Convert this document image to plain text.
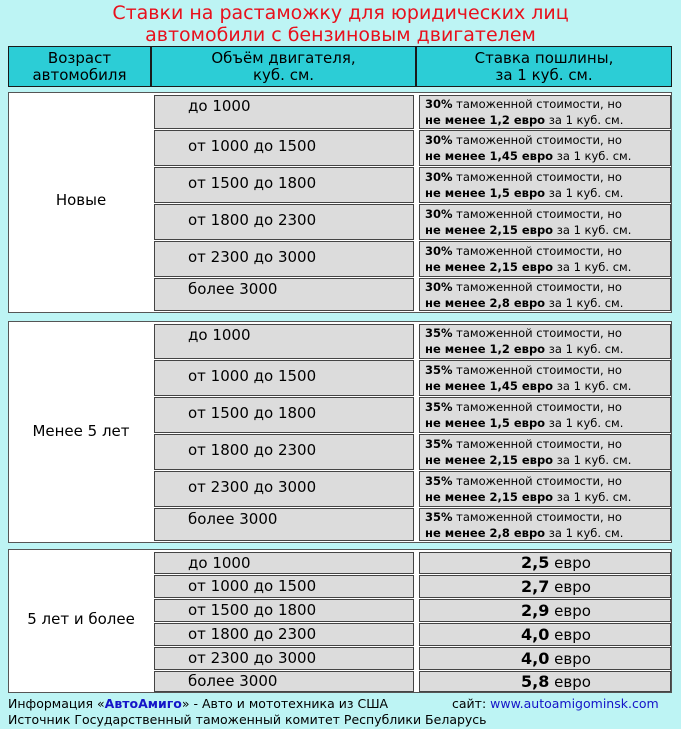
Ставки на растаможку для юридических лиц
автомобили с бензиновым двигателем
Возраст
автомобиля
Объём двигателя,
куб. см.
Ставка пошлины,
за 1 куб. см.
Новые
до 1000	30% таможенной стоимости, но
не менее 1,2 евро за 1 куб. см.
от 1000 до 1500	30% таможенной стоимости, но
не менее 1,45 евро за 1 куб. см.
от 1500 до 1800	30% таможенной стоимости, но
не менее 1,5 евро за 1 куб. см.
от 1800 до 2300	30% таможенной стоимости, но
не менее 2,15 евро за 1 куб. см.
от 2300 до 3000	30% таможенной стоимости, но
не менее 2,15 евро за 1 куб. см.
более 3000	30% таможенной стоимости, но
не менее 2,8 евро за 1 куб. см.
Менее 5 лет
до 1000	35% таможенной стоимости, но
не менее 1,2 евро за 1 куб. см.
от 1000 до 1500	35% таможенной стоимости, но
не менее 1,45 евро за 1 куб. см.
от 1500 до 1800	35% таможенной стоимости, но
не менее 1,5 евро за 1 куб. см.
от 1800 до 2300	35% таможенной стоимости, но
не менее 2,15 евро за 1 куб. см.
от 2300 до 3000	35% таможенной стоимости, но
не менее 2,15 евро за 1 куб. см.
более 3000	35% таможенной стоимости, но
не менее 2,8 евро за 1 куб. см.
5 лет и более
до 1000	2,5 евро
от 1000 до 1500	2,7 евро
от 1500 до 1800	2,9 евро
от 1800 до 2300	4,0 евро
от 2300 до 3000	4,0 евро
более 3000	5,8 евро
Информация «АвтоАмиго» - Авто и мототехника из США	сайт: www.autoamigominsk.com
Источник Государственный таможенный комитет Республики Беларусь
